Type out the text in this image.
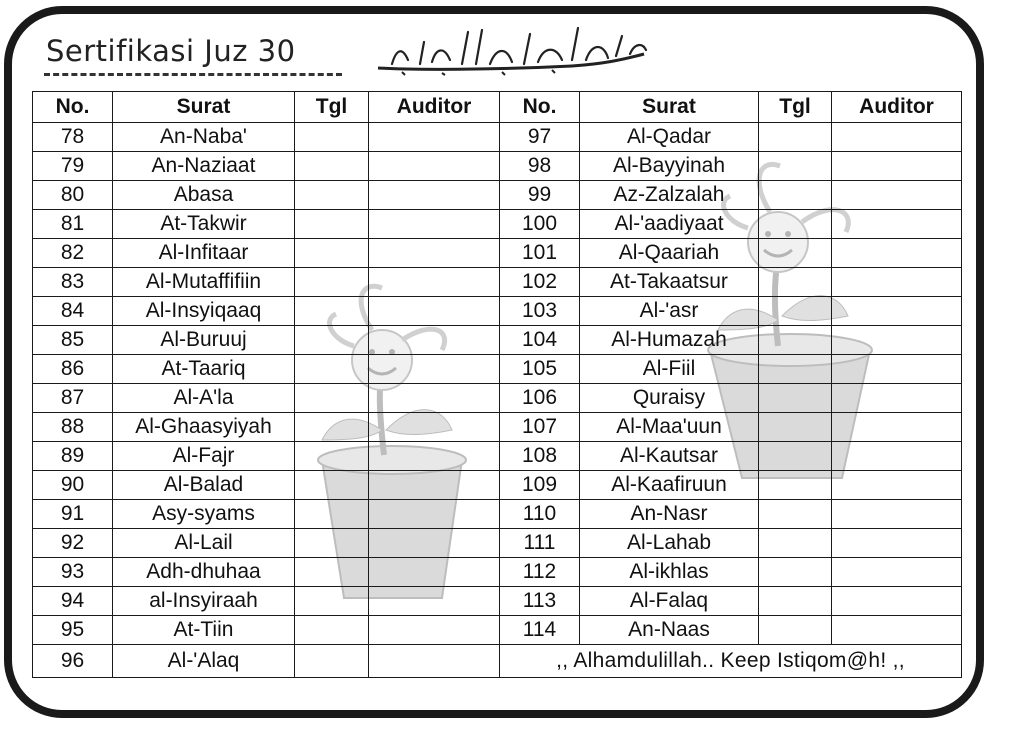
Sertifikasi Juz 30
No.	Surat	Tgl	Auditor	No.	Surat	Tgl	Auditor
78	An-Naba'			97	Al-Qadar		
79	An-Naziaat			98	Al-Bayyinah		
80	Abasa			99	Az-Zalzalah		
81	At-Takwir			100	Al-'aadiyaat		
82	Al-Infitaar			101	Al-Qaariah		
83	Al-Mutaffifiin			102	At-Takaatsur		
84	Al-Insyiqaaq			103	Al-'asr		
85	Al-Buruuj			104	Al-Humazah		
86	At-Taariq			105	Al-Fiil		
87	Al-A'la			106	Quraisy		
88	Al-Ghaasyiyah			107	Al-Maa'uun		
89	Al-Fajr			108	Al-Kautsar		
90	Al-Balad			109	Al-Kaafiruun		
91	Asy-syams			110	An-Nasr		
92	Al-Lail			111	Al-Lahab		
93	Adh-dhuhaa			112	Al-ikhlas		
94	al-Insyiraah			113	Al-Falaq		
95	At-Tiin			114	An-Naas		
96	Al-'Alaq			,, Alhamdulillah.. Keep Istiqom@h! ,,			
